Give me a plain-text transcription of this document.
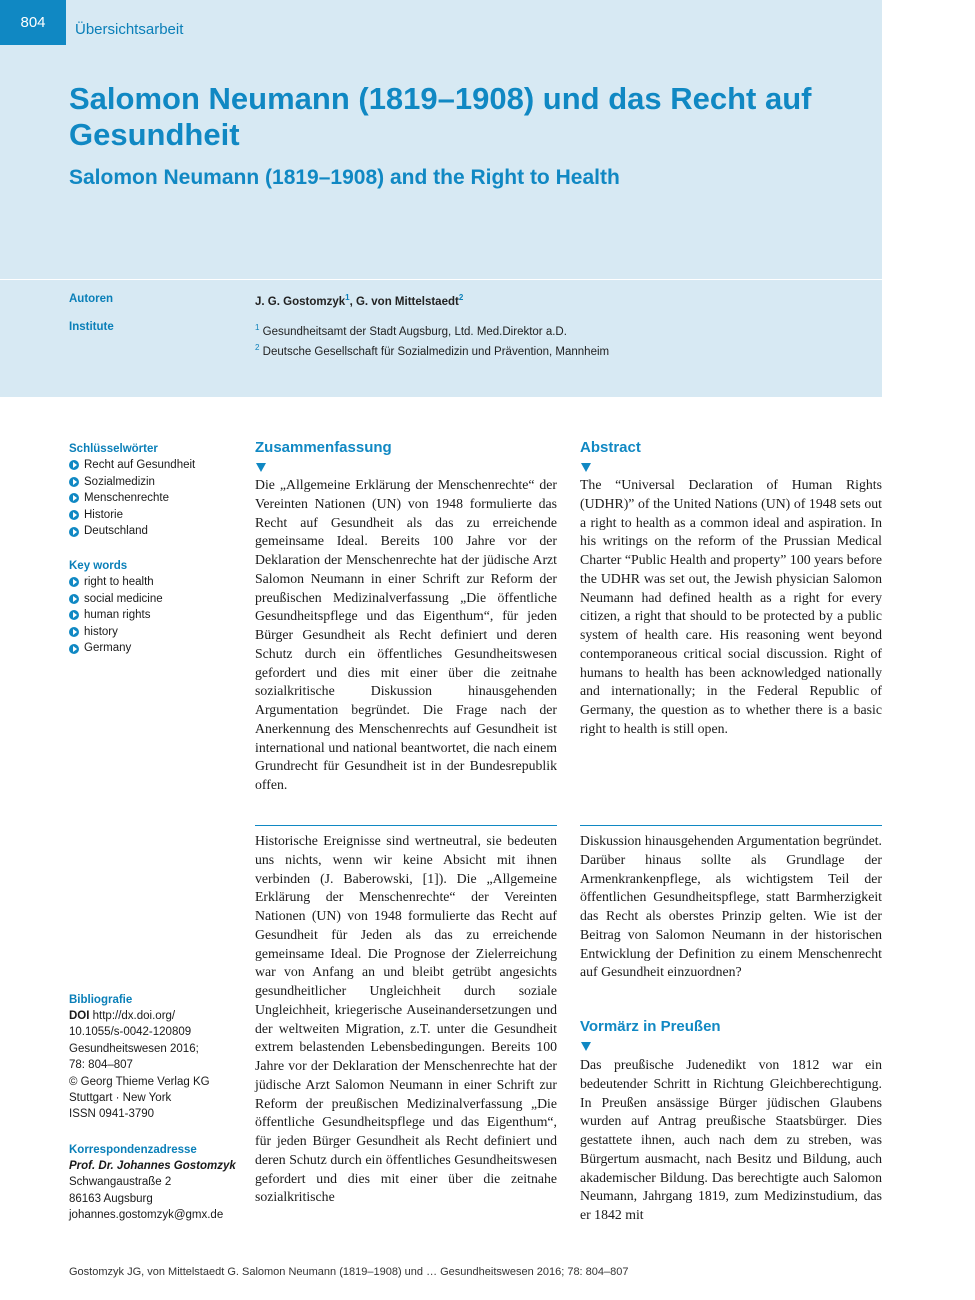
804	Übersichtsarbeit
Salomon Neumann (1819–1908) und das Recht auf Gesundheit
Salomon Neumann (1819–1908) and the Right to Health
Autoren	J. G. Gostomzyk$^1$, G. von Mittelstaedt$^2$
Institute	$^1$ Gesundheitsamt der Stadt Augsburg, Ltd. Med.Direktor a.D.
$^2$ Deutsche Gesellschaft für Sozialmedizin und Prävention, Mannheim
Schlüsselwörter
Recht auf Gesundheit
Sozialmedizin
Menschenrechte
Historie
Deutschland
Key words
right to health
social medicine
human rights
history
Germany
Zusammenfassung
Die „Allgemeine Erklärung der Menschenrechte“ der Vereinten Nationen (UN) von 1948 formulierte das Recht auf Gesundheit als das zu erreichende gemeinsame Ideal. Bereits 100 Jahre vor der Deklaration der Menschenrechte hat der jüdische Arzt Salomon Neumann in einer Schrift zur Reform der preußischen Medizinalverfassung „Die öffentliche Gesundheitspflege und das Eigenthum“, für jeden Bürger Gesundheit als Recht definiert und deren Schutz durch ein öffentliches Gesundheitswesen gefordert und dies mit einer über die zeitnahe sozialkritische Diskussion hinausgehenden Argumentation begründet. Die Frage nach der Anerkennung des Menschenrechts auf Gesundheit ist international und national beantwortet, die nach einem Grundrecht für Gesundheit ist in der Bundesrepublik offen.
Abstract
The “Universal Declaration of Human Rights (UDHR)” of the United Nations (UN) of 1948 sets out a right to health as a common ideal and aspiration. In his writings on the reform of the Prussian Medical Charter “Public Health and property” 100 years before the UDHR was set out, the Jewish physician Salomon Neumann had defined health as a right for every citizen, a right that should to be protected by a public system of health care. His reasoning went beyond contemporaneous critical social discussion. Right of humans to health has been acknowledged nationally and internationally; in the Federal Republic of Germany, the question as to whether there is a basic right to health is still open.
Bibliografie
DOI http://dx.doi.org/
10.1055/s-0042-120809
Gesundheitswesen 2016;
78: 804–807
© Georg Thieme Verlag KG
Stuttgart · New York
ISSN 0941-3790
Korrespondenzadresse
Prof. Dr. Johannes Gostomzyk
Schwangaustraße 2
86163 Augsburg
johannes.gostomzyk@gmx.de
Historische Ereignisse sind wertneutral, sie bedeuten uns nichts, wenn wir keine Absicht mit ihnen verbinden (J. Baberowski, [1]). Die „Allgemeine Erklärung der Menschenrechte“ der Vereinten Nationen (UN) von 1948 formulierte das Recht auf Gesundheit für Jeden als das zu erreichende gemeinsame Ideal. Die Prognose der Zielerreichung war von Anfang an und bleibt getrübt angesichts gesundheitlicher Ungleichheit durch soziale Ungleichheit, kriegerische Auseinandersetzungen und der weltweiten Migration, z.T. unter die Gesundheit extrem belastenden Lebensbedingungen. Bereits 100 Jahre vor der Deklaration der Menschenrechte hat der jüdische Arzt Salomon Neumann in einer Schrift zur Reform der preußischen Medizinalverfassung „Die öffentliche Gesundheitspflege und das Eigenthum“, für jeden Bürger Gesundheit als Recht definiert und deren Schutz durch ein öffentliches Gesundheitswesen gefordert und dies mit einer über die zeitnahe sozialkritische
Diskussion hinausgehenden Argumentation begründet. Darüber hinaus sollte als Grundlage der Armenkrankenpflege, als wichtigstem Teil der öffentlichen Gesundheitspflege, statt Barmherzigkeit das Recht als oberstes Prinzip gelten. Wie ist der Beitrag von Salomon Neumann in der historischen Entwicklung der Definition zu einem Menschenrecht auf Gesundheit einzuordnen?
Vormärz in Preußen
Das preußische Judenedikt von 1812 war ein bedeutender Schritt in Richtung Gleichberechtigung. In Preußen ansässige Bürger jüdischen Glaubens wurden auf Antrag preußische Staatsbürger. Dies gestattete ihnen, auch nach dem zu streben, was Bürgertum ausmacht, nach Besitz und Bildung, auch akademischer Bildung. Das berechtigte auch Salomon Neumann, Jahrgang 1819, zum Medizinstudium, das er 1842 mit
Gostomzyk JG, von Mittelstaedt G. Salomon Neumann (1819–1908) und … Gesundheitswesen 2016; 78: 804–807
